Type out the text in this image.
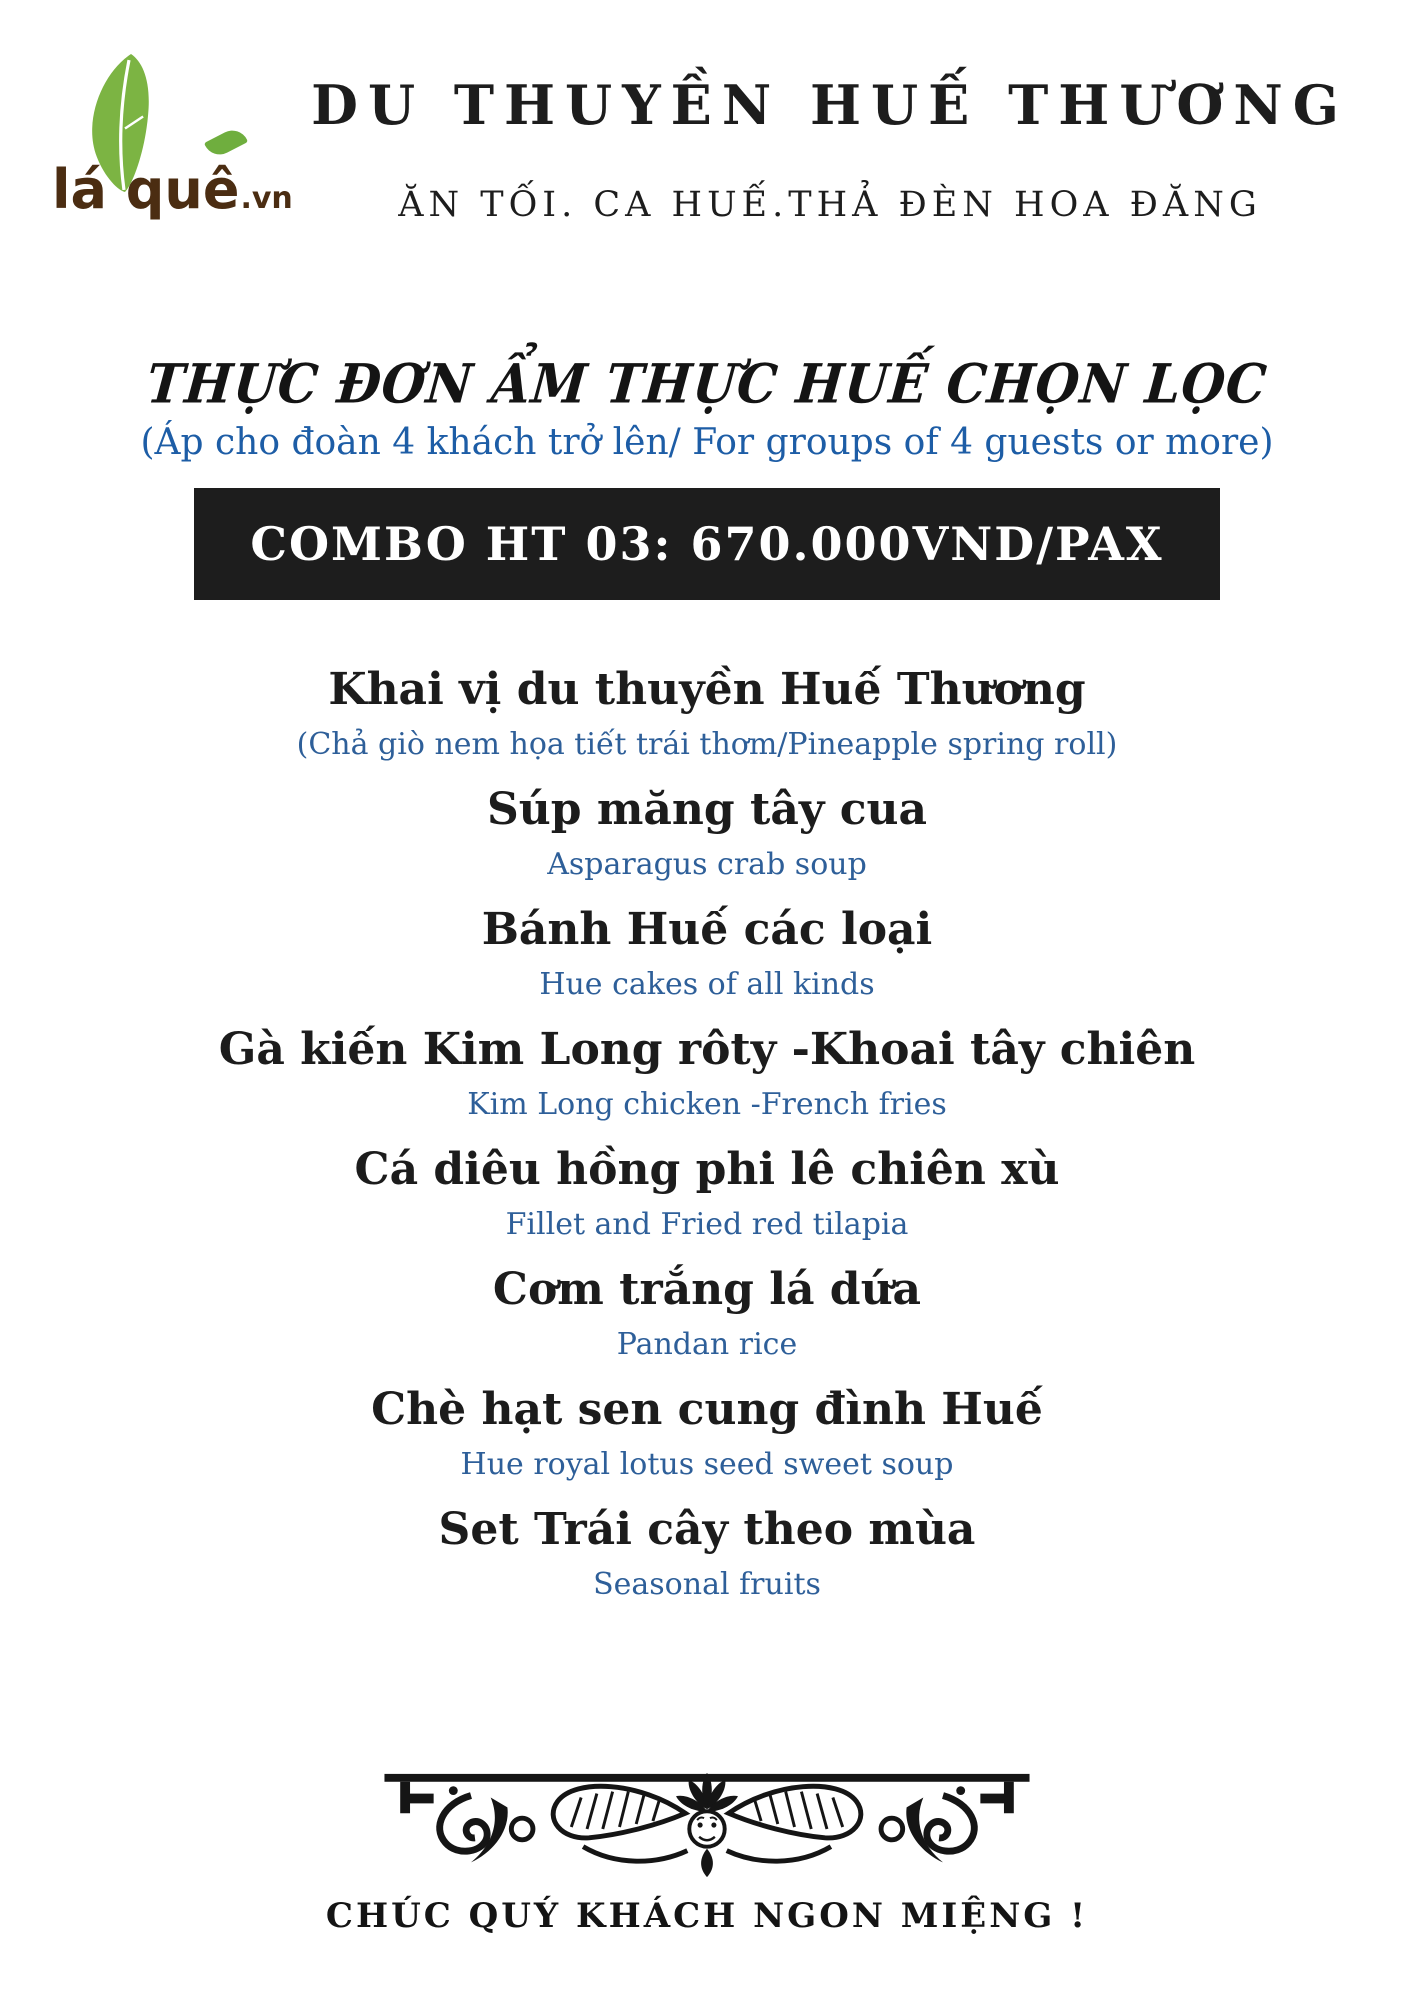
lá quê
.vn
DU THUYỀN HUẾ THƯƠNG
ĂN TỐI. CA HUẾ.THẢ ĐÈN HOA ĐĂNG
THỰC ĐƠN ẨM THỰC HUẾ CHỌN LỌC
(Áp cho đoàn 4 khách trở lên/ For groups of 4 guests or more)
COMBO HT 03: 670.000VND/PAX
Khai vị du thuyền Huế Thương
(Chả giò nem họa tiết trái thơm/Pineapple spring roll)
Súp măng tây cua
Asparagus crab soup
Bánh Huế các loại
Hue cakes of all kinds
Gà kiến Kim Long rôty -Khoai tây chiên
Kim Long chicken -French fries
Cá diêu hồng phi lê chiên xù
Fillet and Fried red tilapia
Cơm trắng lá dứa
Pandan rice
Chè hạt sen cung đình Huế
Hue royal lotus seed sweet soup
Set Trái cây theo mùa
Seasonal fruits
CHÚC QUÝ KHÁCH NGON MIỆNG !
